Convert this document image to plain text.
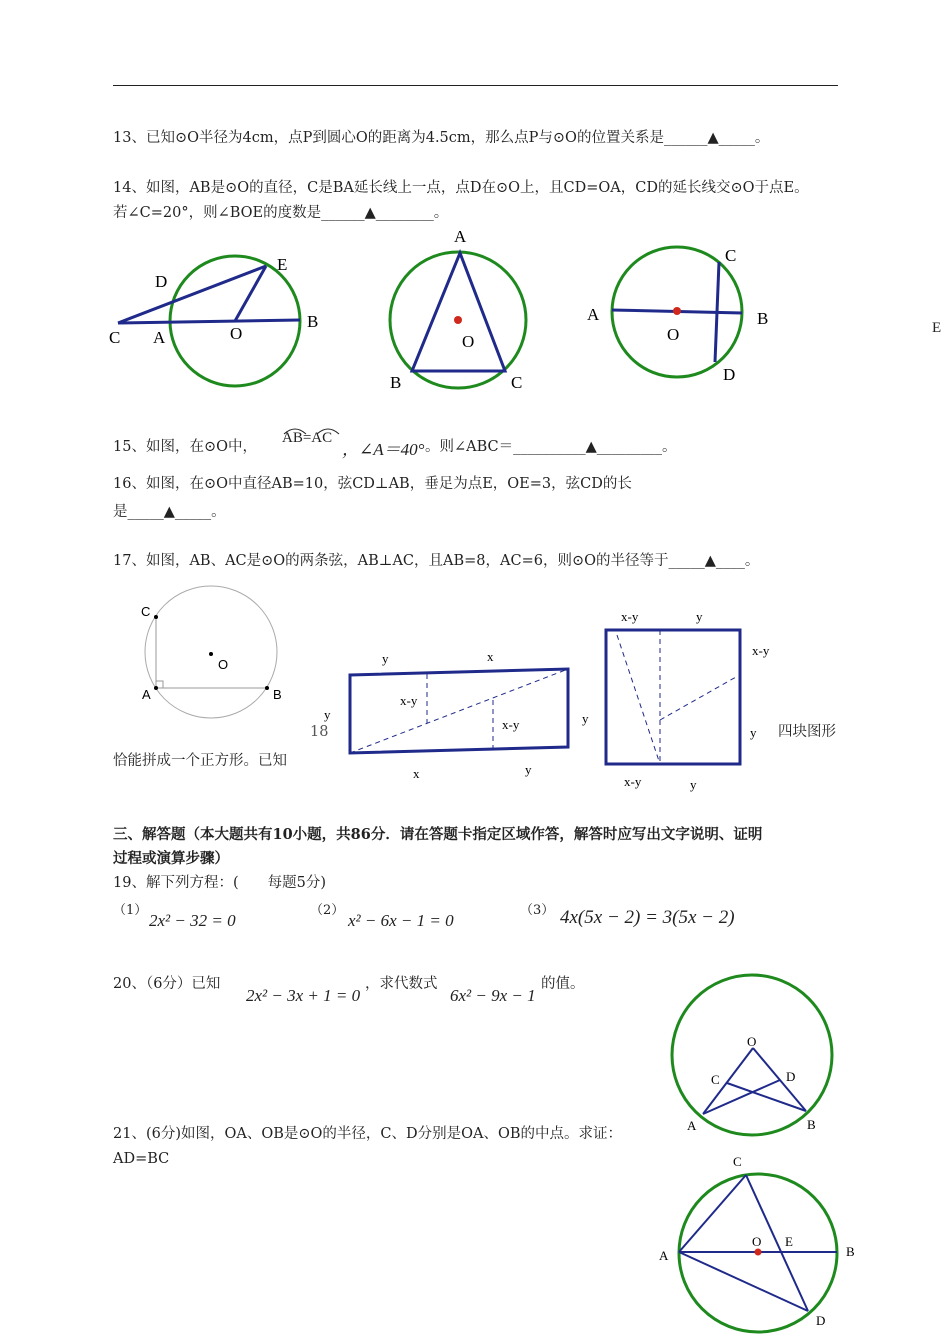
13、已知⊙O半径为4cm，点P到圆心O的距离为4.5cm，那么点P与⊙O的位置关系是______▲_____。
14、如图，AB是⊙O的直径，C是BA延长线上一点，点D在⊙O上，且CD=OA，CD的延长线交⊙O于点E。
若∠C=20°，则∠BOE的度数是______▲________。
C A	O
B
D
E
A
O
B	C
A
O
B
C
D
E
15、如图，在⊙O中，
AB=AC
，∠A＝40° 。则∠ABC＝__________▲_________。
16、如图，在⊙O中直径AB=10，弦CD⊥AB，垂足为点E，OE=3，弦CD的长
是_____▲_____。
17、如图，AB、AC是⊙O的两条弦，AB⊥AC，且AB=8，AC=6，则⊙O的半径等于_____▲____。
C
O
A	B
18	四块图形
恰能拼成一个正方形。已知
y	x
x-y
x-y
y	y
x	y
x-y	y
x-y
y
x-y	y
三、解答题（本大题共有10小题，共86分．请在答题卡指定区域作答，解答时应写出文字说明、证明
过程或演算步骤）
19、解下列方程：(　　每题5分)
（1）
2x² − 32 = 0
（2）
x² − 6x − 1 = 0
（3） 4x(5x − 2) = 3(5x − 2)
20、（6分）已知
2x² − 3x + 1 = 0
，求代数式
6x² − 9x − 1
的值。
O
C	D
A	B
21、(6分)如图，OA、OB是⊙O的半径，C、D分别是OA、OB的中点。求证：
AD=BC	C
O E
A	B
D
